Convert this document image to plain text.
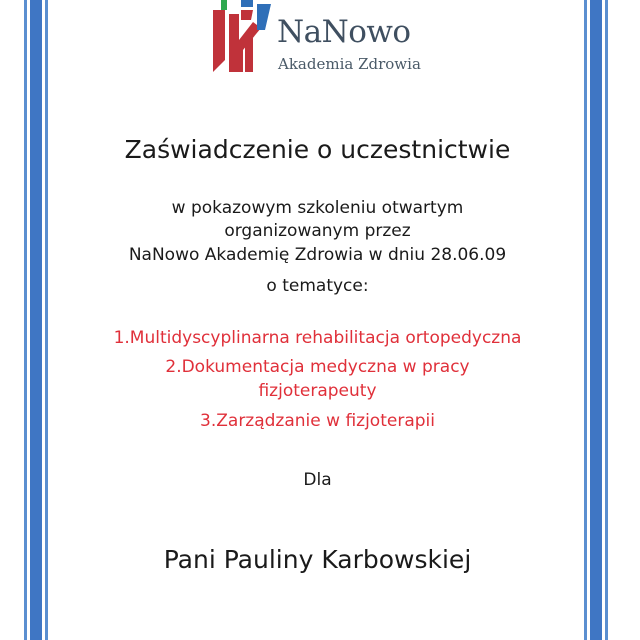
NaNowo
Akademia Zdrowia
Zaświadczenie o uczestnictwie
w pokazowym szkoleniu otwartym
organizowanym przez
NaNowo Akademię Zdrowia w dniu 28.06.09
o tematyce:
1.Multidyscyplinarna rehabilitacja ortopedyczna
2.Dokumentacja medyczna w pracy
fizjoterapeuty
3.Zarządzanie w fizjoterapii
Dla
Pani Pauliny Karbowskiej
